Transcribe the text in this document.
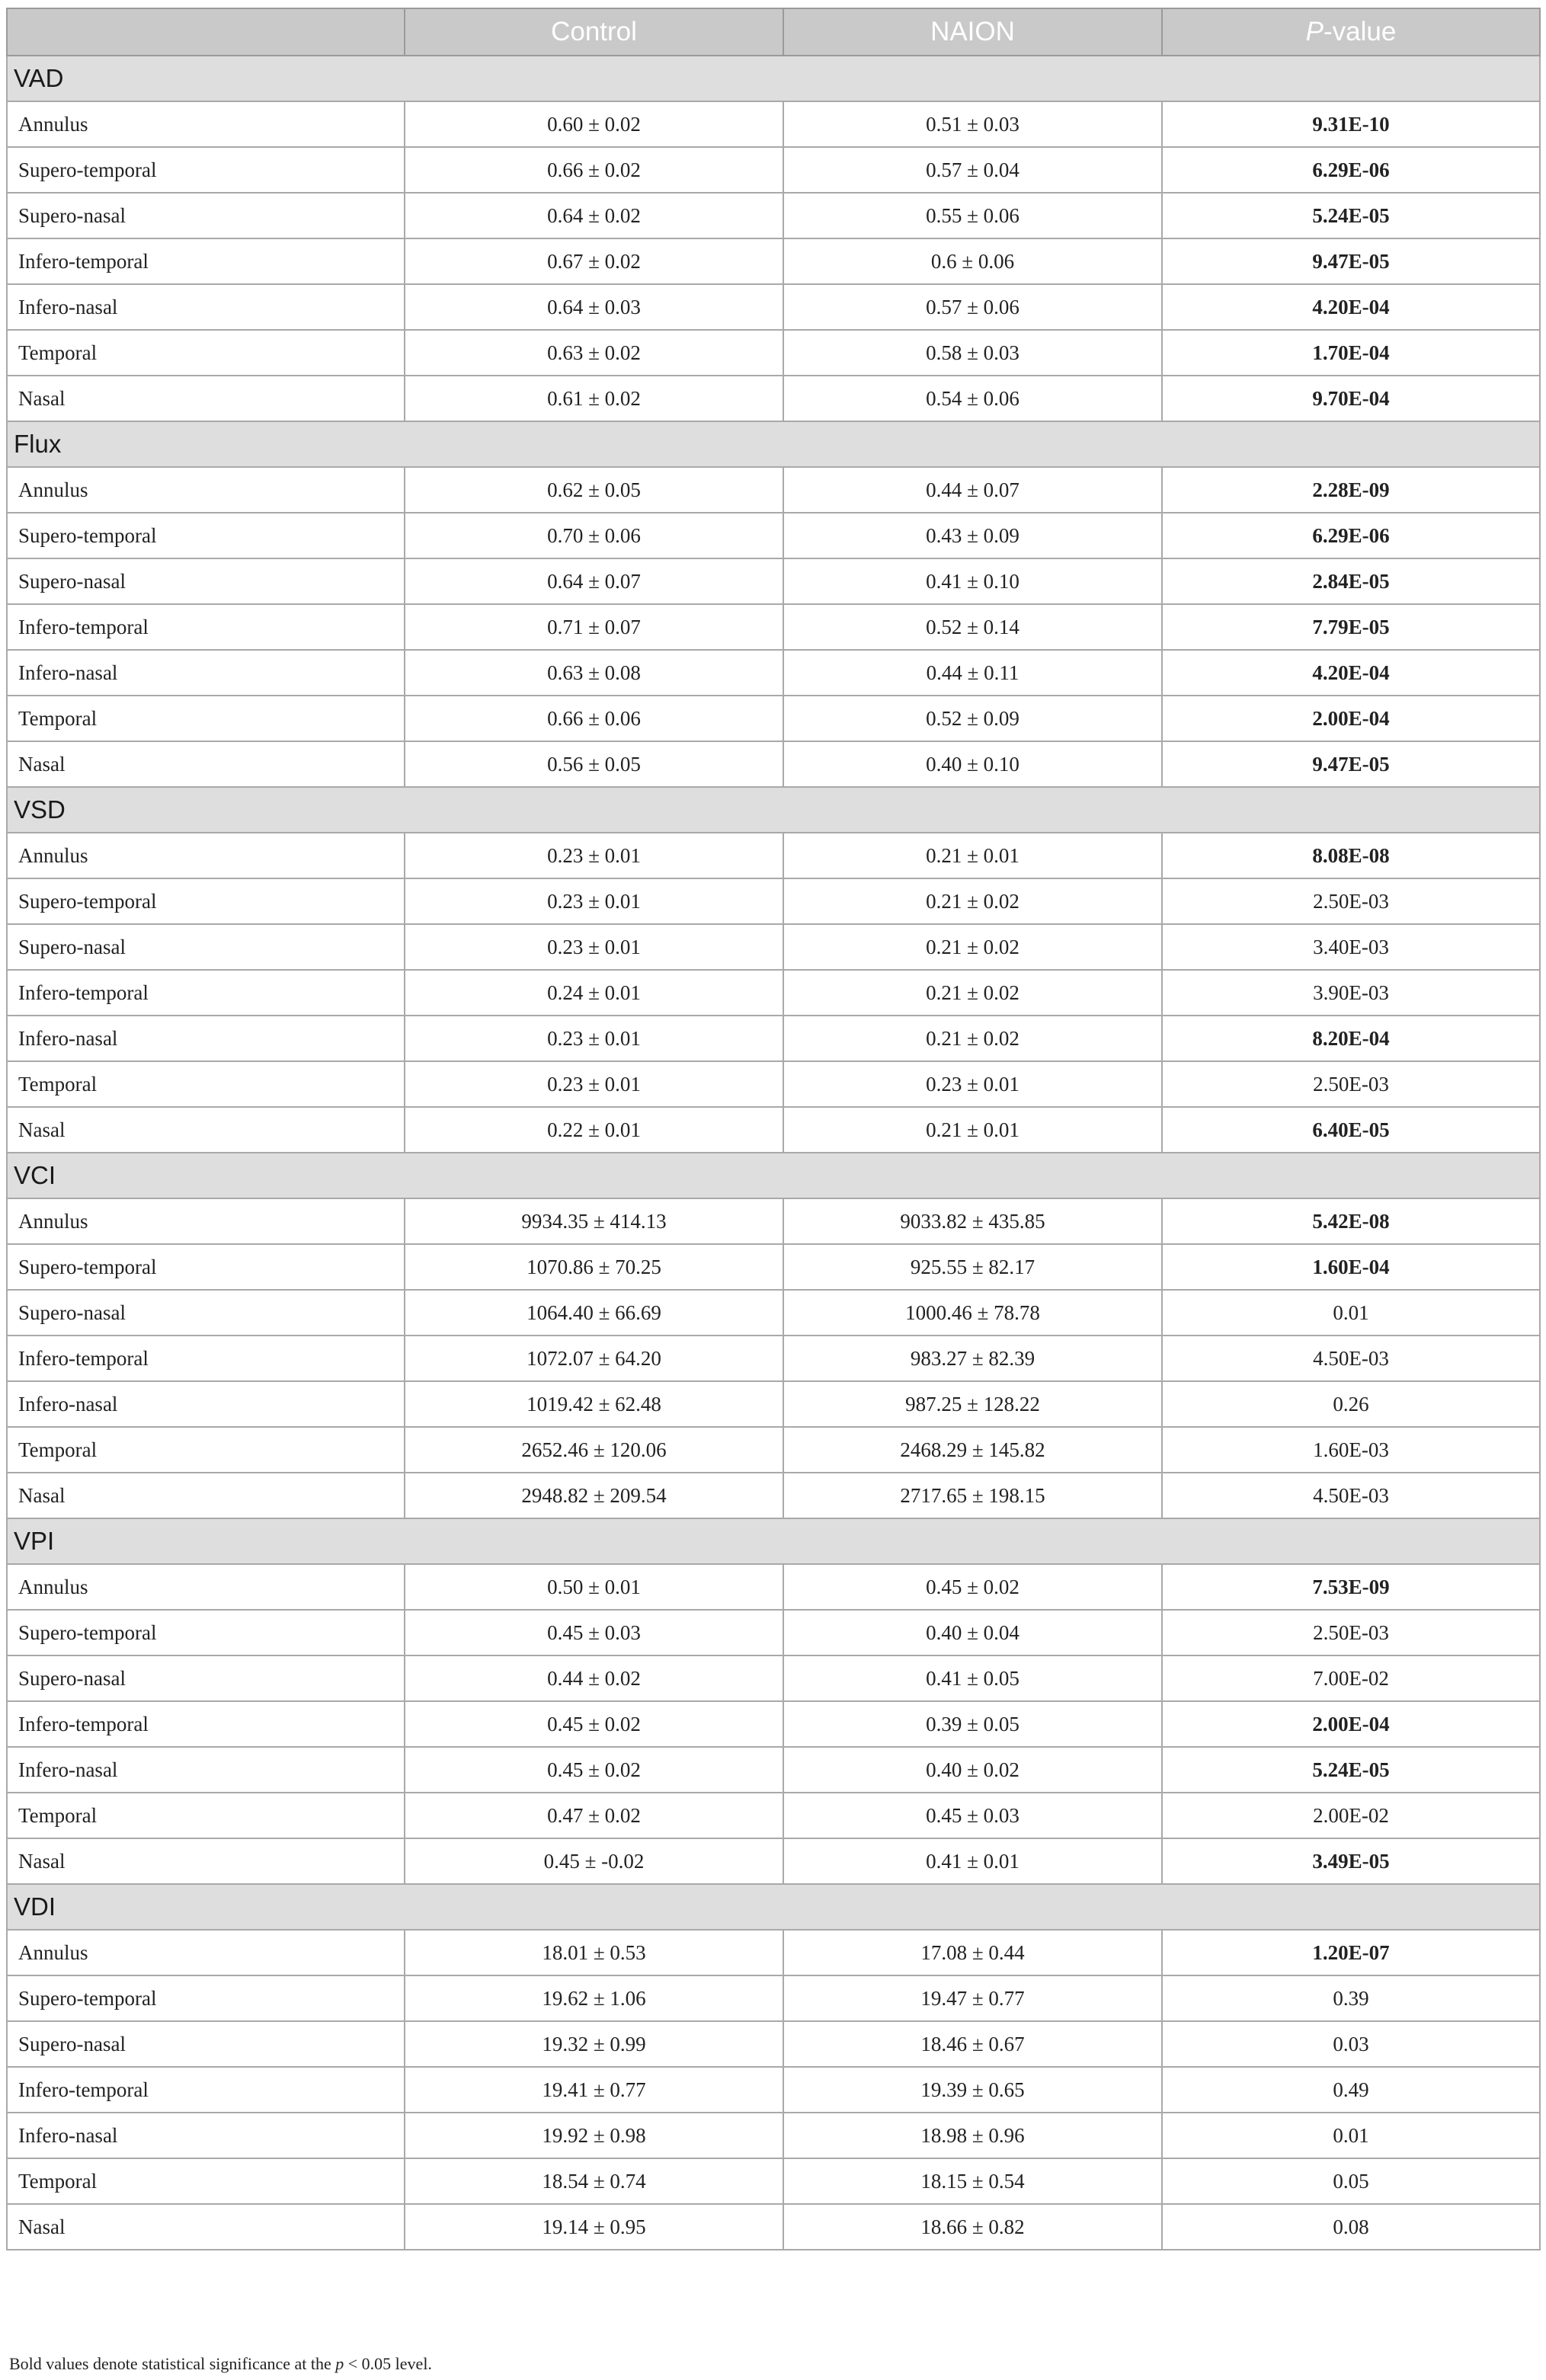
	Control	NAION	P-value
VAD			
Annulus	0.60 ± 0.02	0.51 ± 0.03	9.31E-10
Supero-temporal	0.66 ± 0.02	0.57 ± 0.04	6.29E-06
Supero-nasal	0.64 ± 0.02	0.55 ± 0.06	5.24E-05
Infero-temporal	0.67 ± 0.02	0.6 ± 0.06	9.47E-05
Infero-nasal	0.64 ± 0.03	0.57 ± 0.06	4.20E-04
Temporal	0.63 ± 0.02	0.58 ± 0.03	1.70E-04
Nasal	0.61 ± 0.02	0.54 ± 0.06	9.70E-04
Flux			
Annulus	0.62 ± 0.05	0.44 ± 0.07	2.28E-09
Supero-temporal	0.70 ± 0.06	0.43 ± 0.09	6.29E-06
Supero-nasal	0.64 ± 0.07	0.41 ± 0.10	2.84E-05
Infero-temporal	0.71 ± 0.07	0.52 ± 0.14	7.79E-05
Infero-nasal	0.63 ± 0.08	0.44 ± 0.11	4.20E-04
Temporal	0.66 ± 0.06	0.52 ± 0.09	2.00E-04
Nasal	0.56 ± 0.05	0.40 ± 0.10	9.47E-05
VSD			
Annulus	0.23 ± 0.01	0.21 ± 0.01	8.08E-08
Supero-temporal	0.23 ± 0.01	0.21 ± 0.02	2.50E-03
Supero-nasal	0.23 ± 0.01	0.21 ± 0.02	3.40E-03
Infero-temporal	0.24 ± 0.01	0.21 ± 0.02	3.90E-03
Infero-nasal	0.23 ± 0.01	0.21 ± 0.02	8.20E-04
Temporal	0.23 ± 0.01	0.23 ± 0.01	2.50E-03
Nasal	0.22 ± 0.01	0.21 ± 0.01	6.40E-05
VCI			
Annulus	9934.35 ± 414.13	9033.82 ± 435.85	5.42E-08
Supero-temporal	1070.86 ± 70.25	925.55 ± 82.17	1.60E-04
Supero-nasal	1064.40 ± 66.69	1000.46 ± 78.78	0.01
Infero-temporal	1072.07 ± 64.20	983.27 ± 82.39	4.50E-03
Infero-nasal	1019.42 ± 62.48	987.25 ± 128.22	0.26
Temporal	2652.46 ± 120.06	2468.29 ± 145.82	1.60E-03
Nasal	2948.82 ± 209.54	2717.65 ± 198.15	4.50E-03
VPI			
Annulus	0.50 ± 0.01	0.45 ± 0.02	7.53E-09
Supero-temporal	0.45 ± 0.03	0.40 ± 0.04	2.50E-03
Supero-nasal	0.44 ± 0.02	0.41 ± 0.05	7.00E-02
Infero-temporal	0.45 ± 0.02	0.39 ± 0.05	2.00E-04
Infero-nasal	0.45 ± 0.02	0.40 ± 0.02	5.24E-05
Temporal	0.47 ± 0.02	0.45 ± 0.03	2.00E-02
Nasal	0.45 ± -0.02	0.41 ± 0.01	3.49E-05
VDI			
Annulus	18.01 ± 0.53	17.08 ± 0.44	1.20E-07
Supero-temporal	19.62 ± 1.06	19.47 ± 0.77	0.39
Supero-nasal	19.32 ± 0.99	18.46 ± 0.67	0.03
Infero-temporal	19.41 ± 0.77	19.39 ± 0.65	0.49
Infero-nasal	19.92 ± 0.98	18.98 ± 0.96	0.01
Temporal	18.54 ± 0.74	18.15 ± 0.54	0.05
Nasal	19.14 ± 0.95	18.66 ± 0.82	0.08
Bold values denote statistical significance at the p < 0.05 level.
